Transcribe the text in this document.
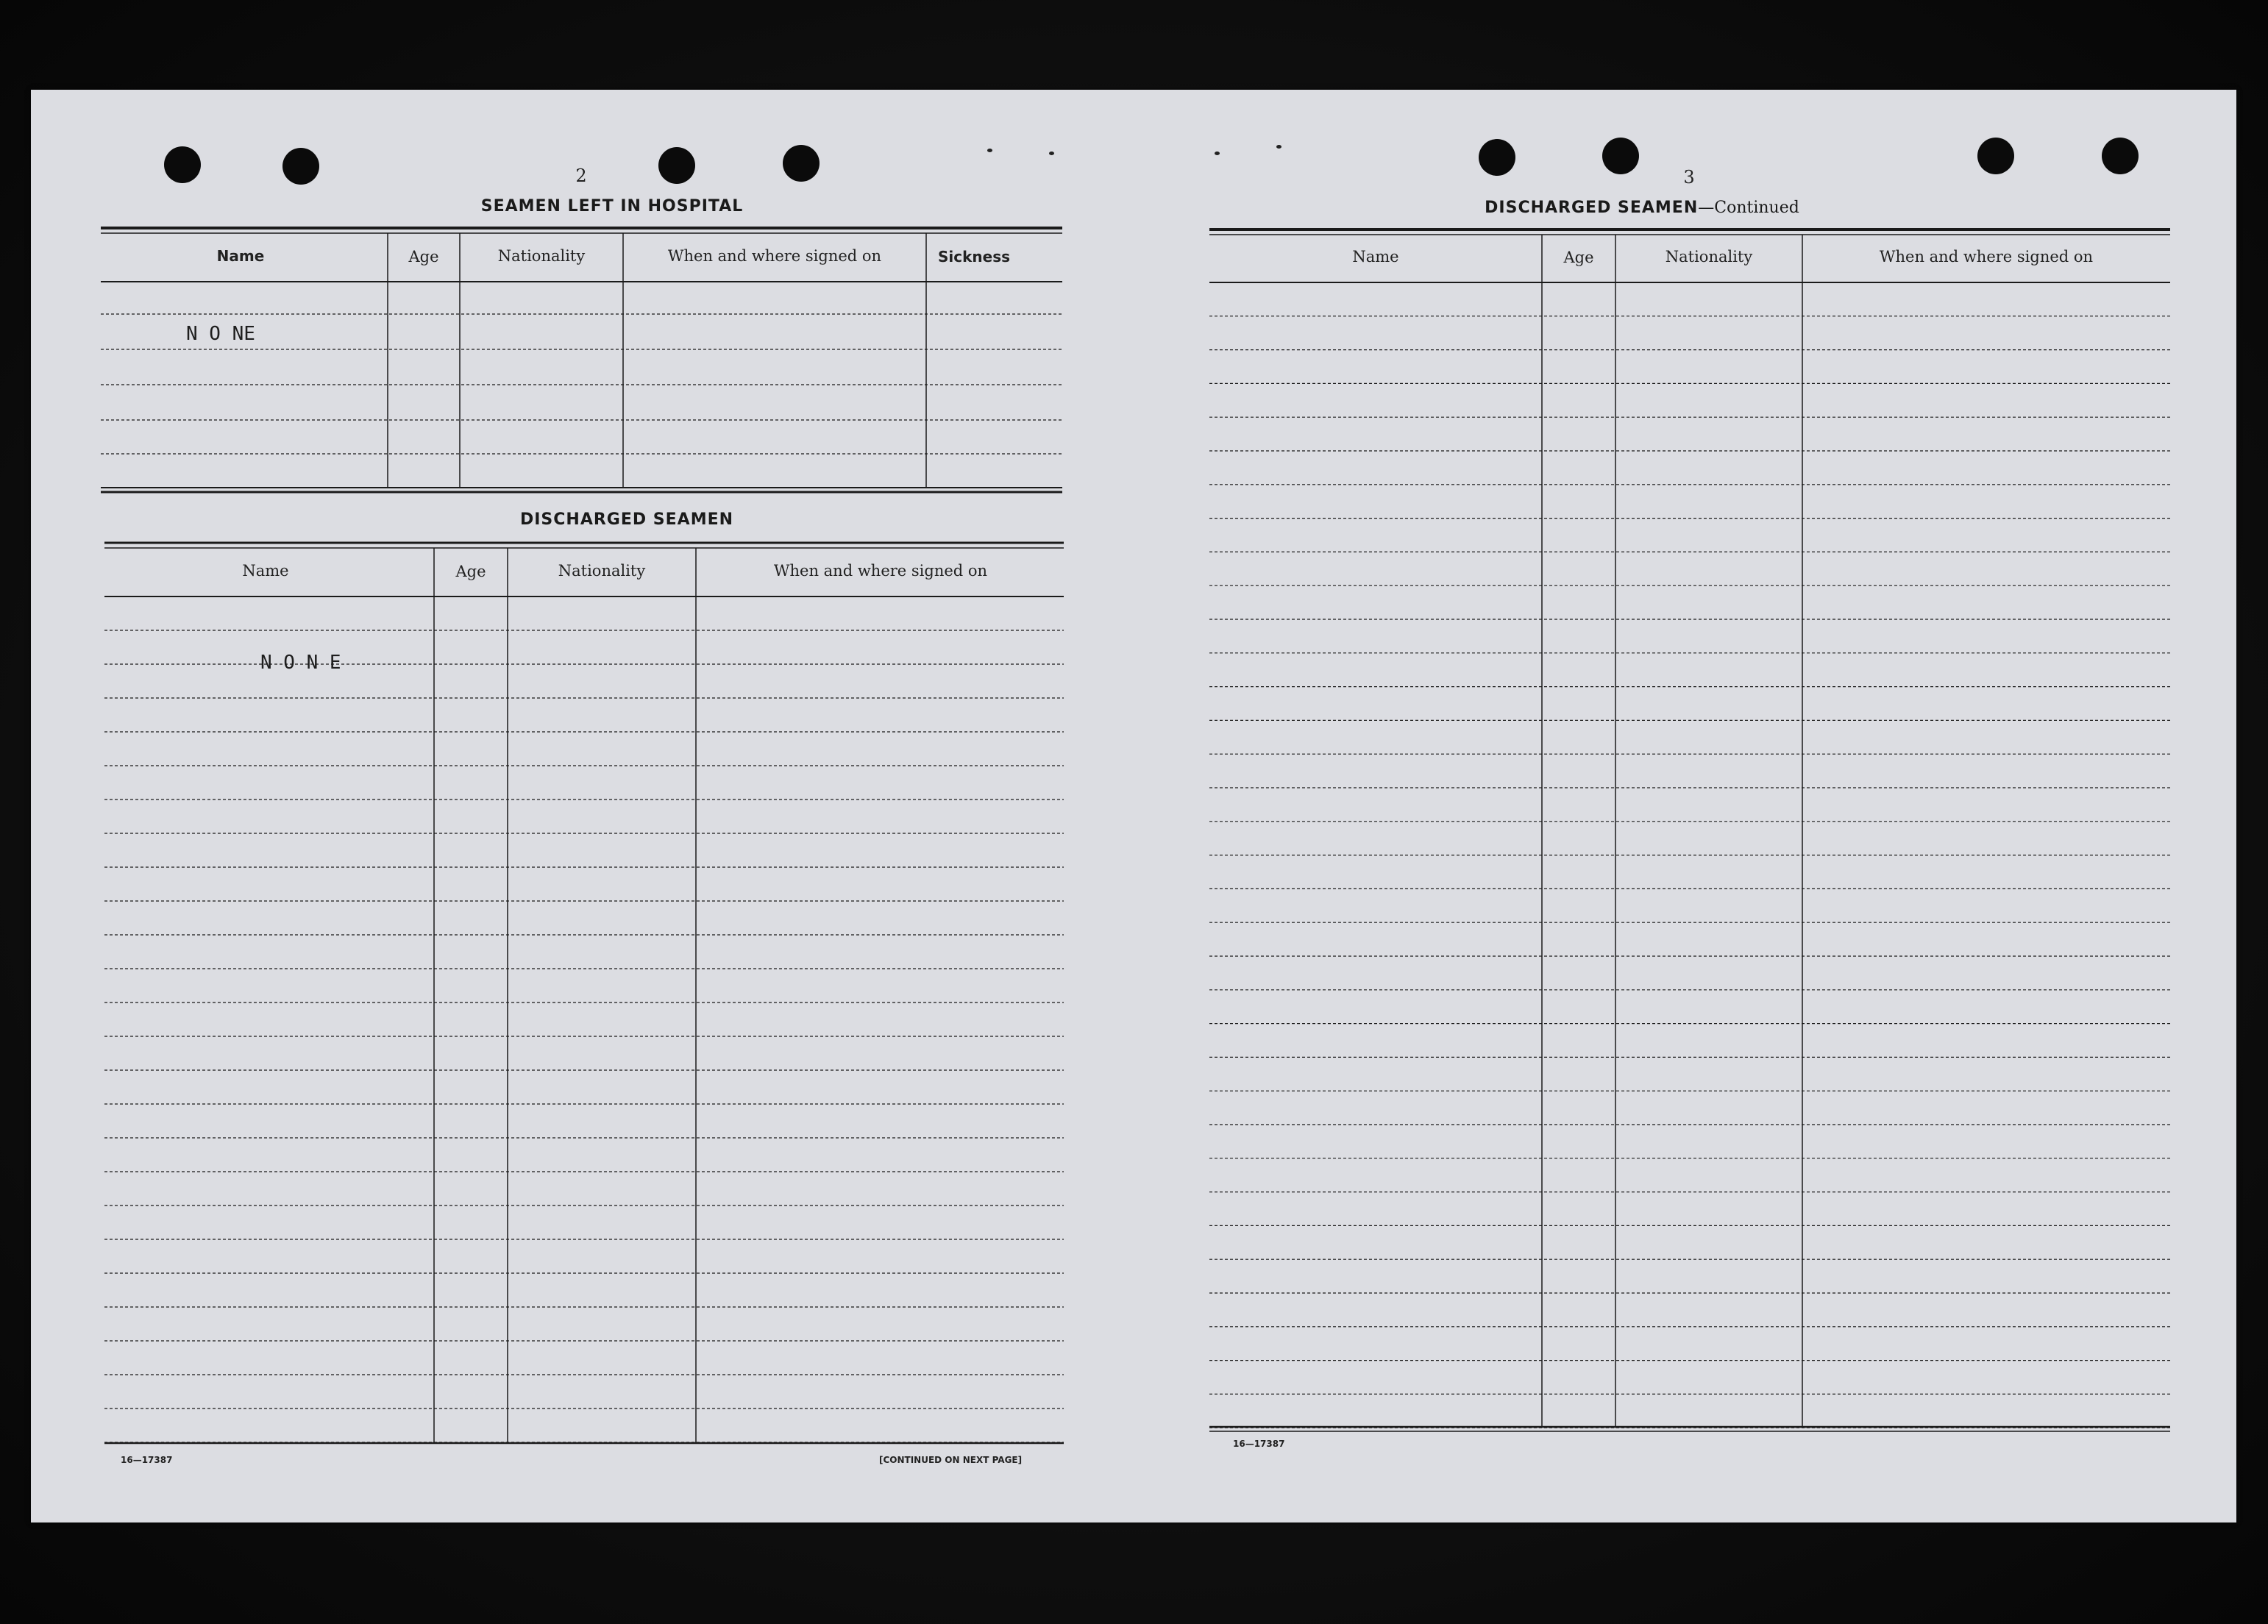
2
SEAMEN LEFT IN HOSPITAL
Name	Age	Nationality	When and where signed on	Sickness
N O NE
DISCHARGED SEAMEN
Name	Age	Nationality	When and where signed on
N O N E
16—17387	[CONTINUED ON NEXT PAGE]
3
DISCHARGED SEAMEN—Continued
Name	Age	Nationality	When and where signed on
16—17387
